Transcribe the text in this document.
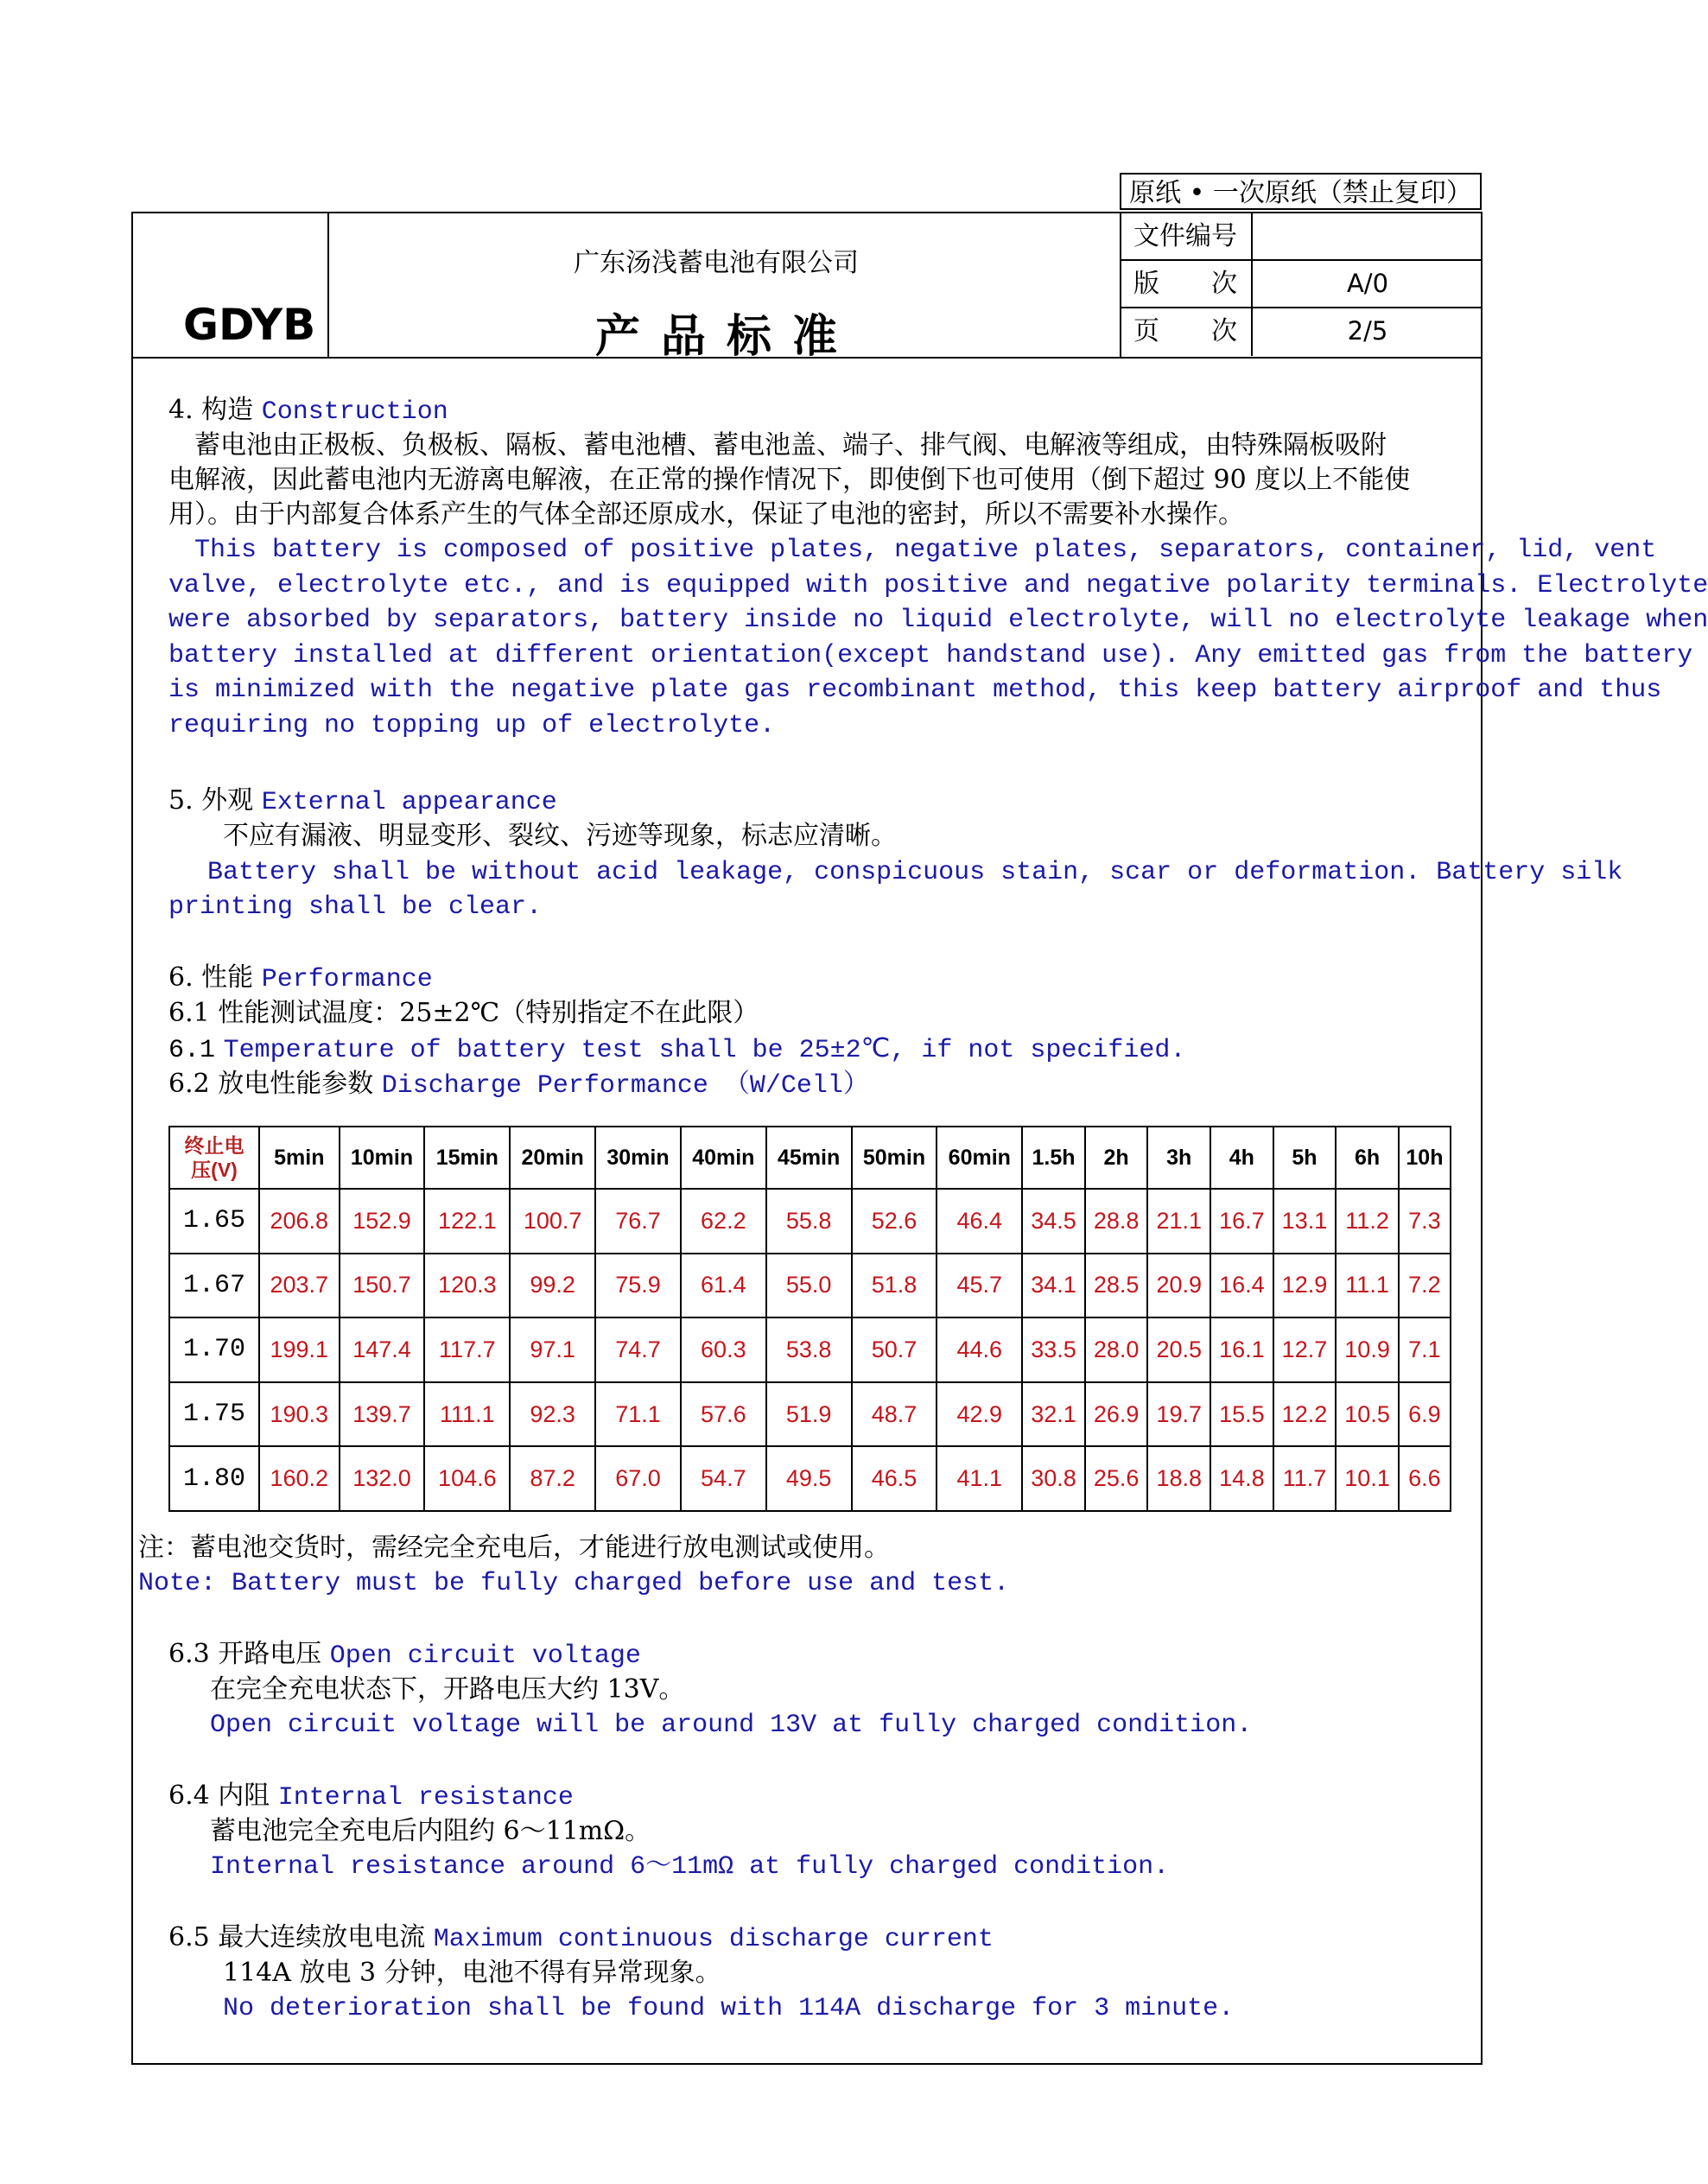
原纸 • 一次原纸（禁止复印）
GDYB
广东汤浅蓄电池有限公司
产品标准
文件编号
版　　次	A/0
页　　次	2/5
4. 构造 Construction
　蓄电池由正极板、负极板、隔板、蓄电池槽、蓄电池盖、端子、排气阀、电解液等组成，由特殊隔板吸附
电解液，因此蓄电池内无游离电解液，在正常的操作情况下，即使倒下也可使用（倒下超过 90 度以上不能使
用）。由于内部复合体系产生的气体全部还原成水，保证了电池的密封，所以不需要补水操作。
This battery is composed of positive plates, negative plates, separators, container, lid, vent
valve, electrolyte etc., and is equipped with positive and negative polarity terminals. Electrolyte
were absorbed by separators, battery inside no liquid electrolyte, will no electrolyte leakage when
battery installed at different orientation(except handstand use). Any emitted gas from the battery
is minimized with the negative plate gas recombinant method, this keep battery airproof and thus
requiring no topping up of electrolyte.
5. 外观 External appearance
不应有漏液、明显变形、裂纹、污迹等现象，标志应清晰。
Battery shall be without acid leakage, conspicuous stain, scar or deformation. Battery silk
printing shall be clear.
6. 性能 Performance
6.1 性能测试温度：25±2℃（特别指定不在此限）
6.1 Temperature of battery test shall be 25±2℃, if not specified.
6.2 放电性能参数 Discharge Performance （W/Cell）
终止电
压(V)	5min	10min	15min	20min	30min	40min	45min	50min	60min	1.5h	2h	3h	4h	5h	6h	10h
1.65	206.8	152.9	122.1	100.7	76.7	62.2	55.8	52.6	46.4	34.5	28.8	21.1	16.7	13.1	11.2	7.3
1.67	203.7	150.7	120.3	99.2	75.9	61.4	55.0	51.8	45.7	34.1	28.5	20.9	16.4	12.9	11.1	7.2
1.70	199.1	147.4	117.7	97.1	74.7	60.3	53.8	50.7	44.6	33.5	28.0	20.5	16.1	12.7	10.9	7.1
1.75	190.3	139.7	111.1	92.3	71.1	57.6	51.9	48.7	42.9	32.1	26.9	19.7	15.5	12.2	10.5	6.9
1.80	160.2	132.0	104.6	87.2	67.0	54.7	49.5	46.5	41.1	30.8	25.6	18.8	14.8	11.7	10.1	6.6
注：蓄电池交货时，需经完全充电后，才能进行放电测试或使用。
Note: Battery must be fully charged before use and test.
6.3 开路电压 Open circuit voltage
在完全充电状态下，开路电压大约 13V。
Open circuit voltage will be around 13V at fully charged condition.
6.4 内阻 Internal resistance
蓄电池完全充电后内阻约 6～11mΩ。
Internal resistance around 6～11mΩ at fully charged condition.
6.5 最大连续放电电流 Maximum continuous discharge current
114A 放电 3 分钟，电池不得有异常现象。
No deterioration shall be found with 114A discharge for 3 minute.
